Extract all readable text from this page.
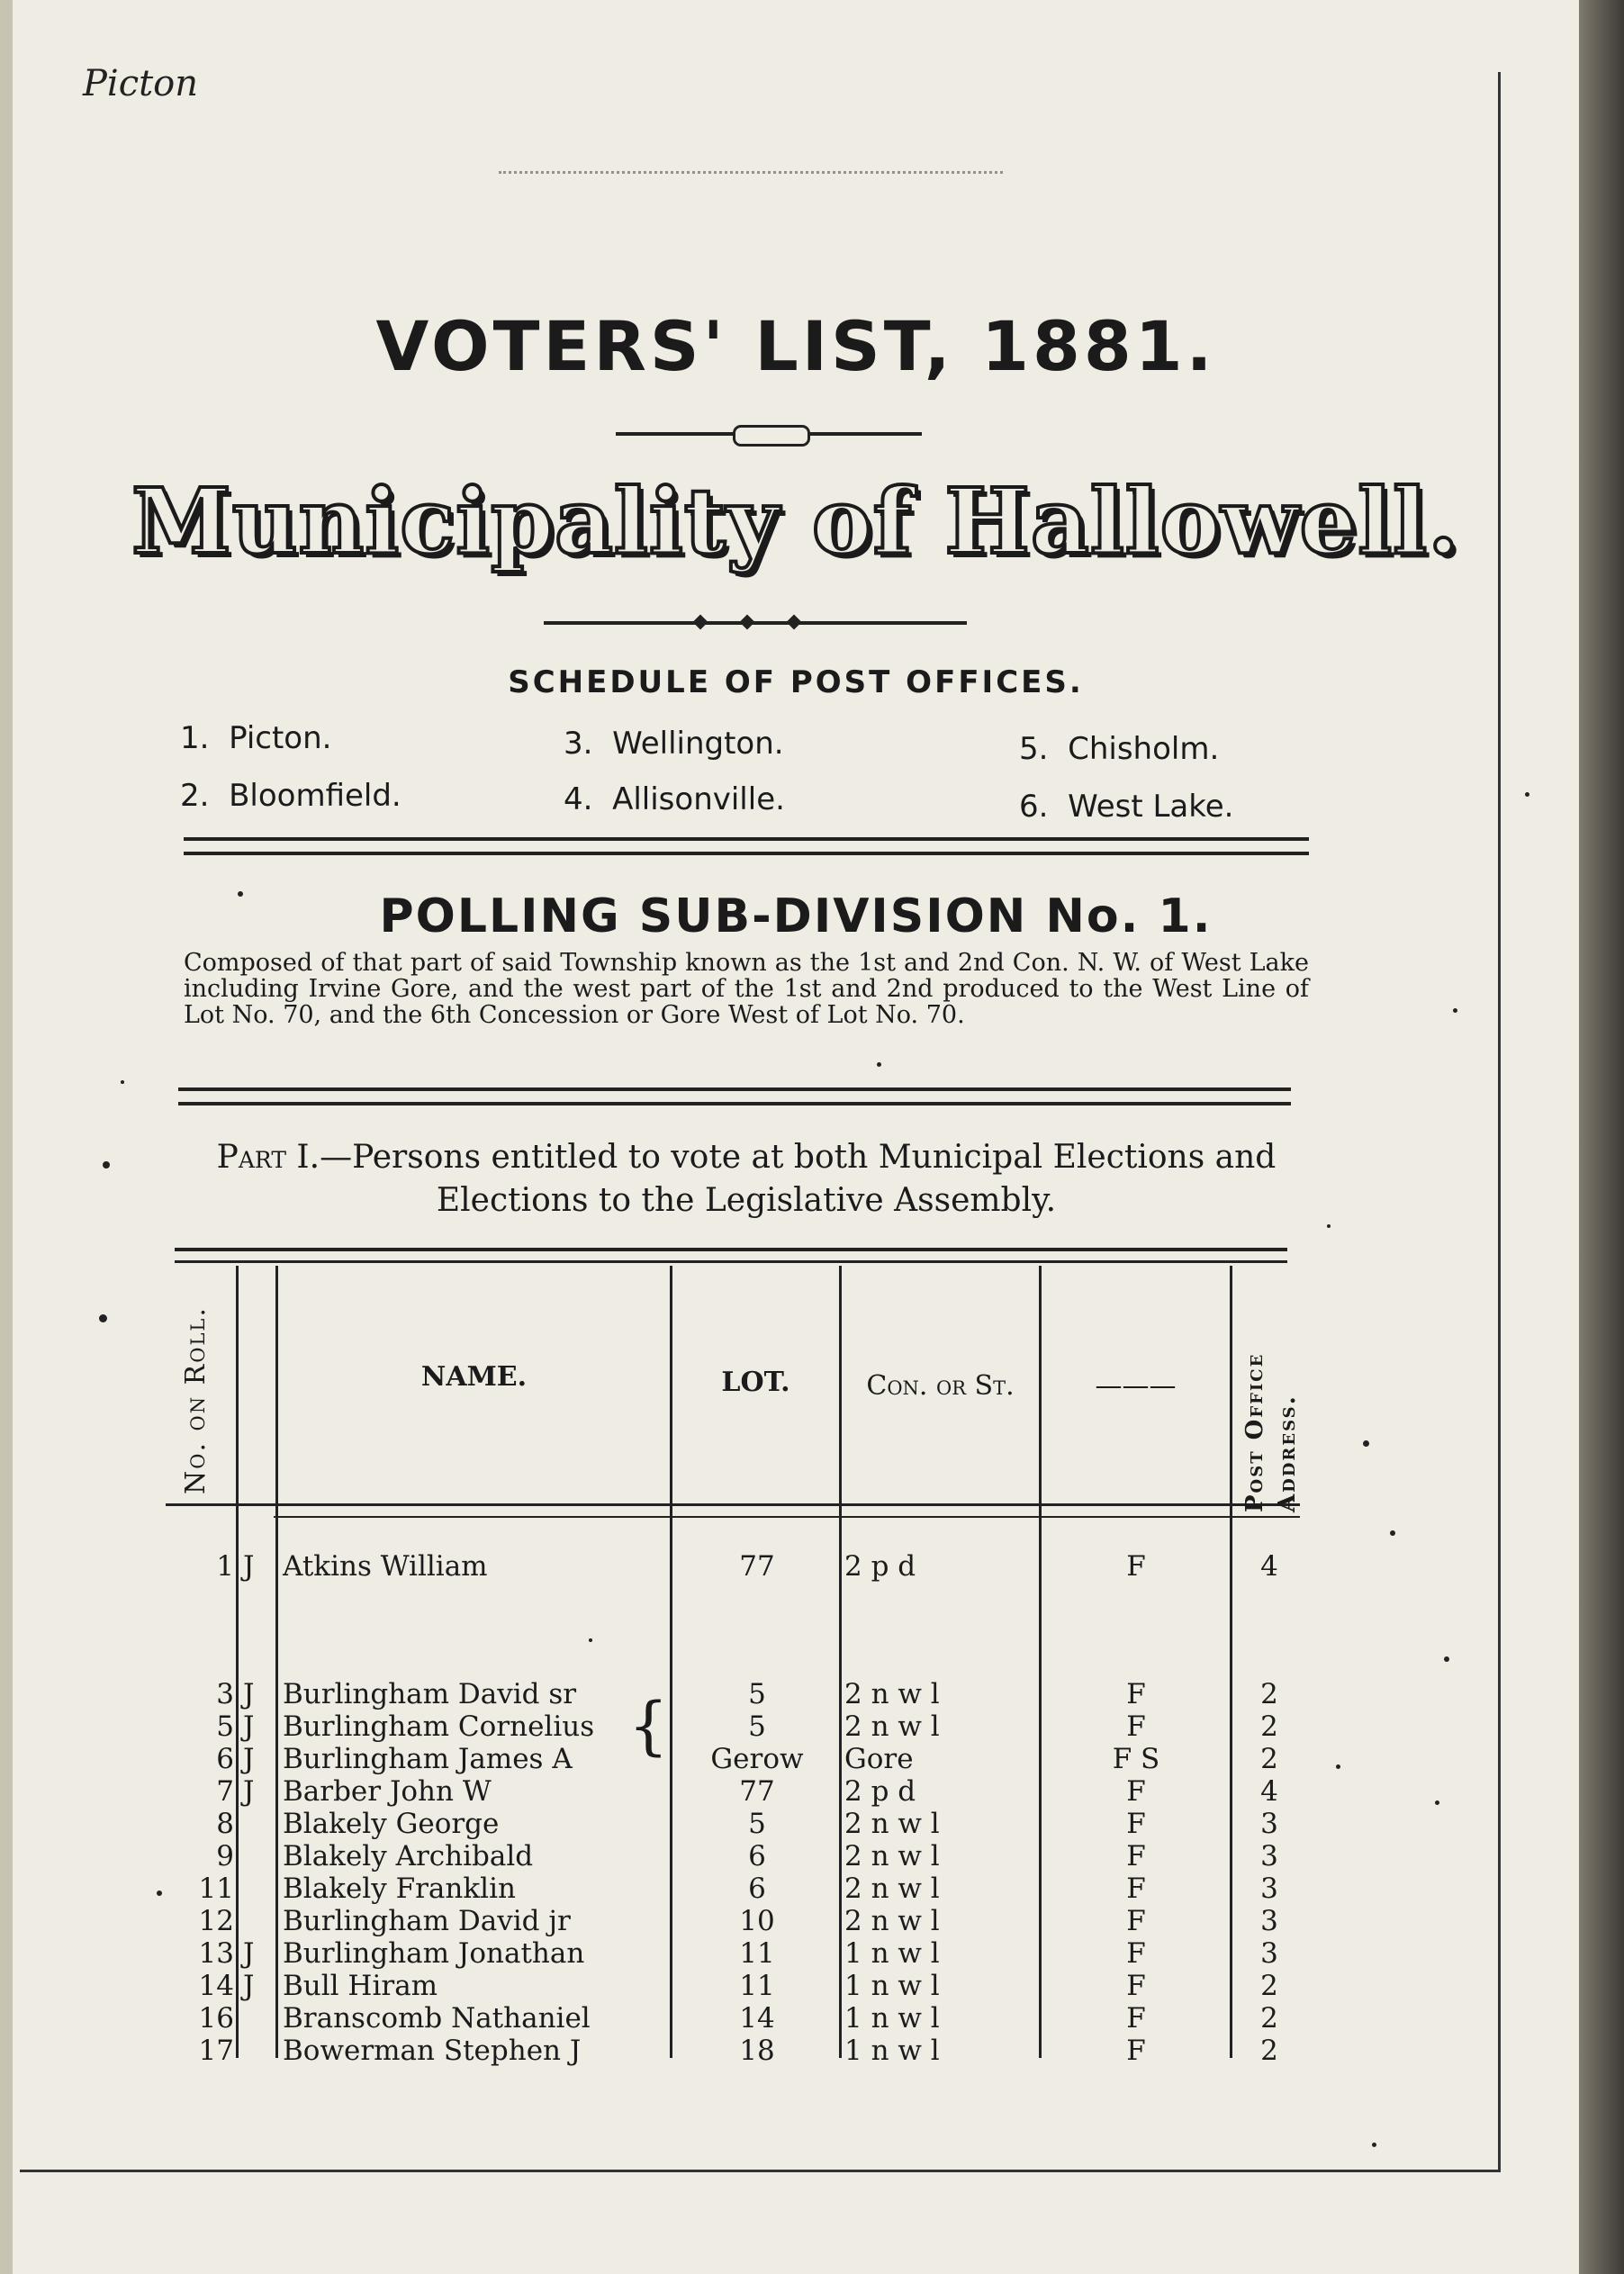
Picton
VOTERS' LIST, 1881.
Municipality of Hallowell.
SCHEDULE OF POST OFFICES.
1. Picton.
2. Bloomfield.
3. Wellington.
4. Allisonville.
5. Chisholm.
6. West Lake.
POLLING SUB-DIVISION No. 1.
Composed of that part of said Township known as the 1st and 2nd Con. N. W. of West Lake including Irvine Gore, and the west part of the 1st and 2nd produced to the West Line of Lot No. 70, and the 6th Concession or Gore West of Lot No. 70.
Part I.—Persons entitled to vote at both Municipal Elections and Elections to the Legislative Assembly.
No. on Roll.	NAME.	LOT.	Con. or St.	———	Post Office Address.
1 J	Atkins William	77	2 p d	F	4
3 J	Burlingham David sr	5	2 n w l	F	2
5 J	Burlingham Cornelius	5	2 n w l	F	2
6 J	Burlingham James A	Gerow	Gore	F S	2
7 J	Barber John W	77	2 p d	F	4
8 Blakely George	5	2 n w l	F	3
9 Blakely Archibald	6	2 n w l	F	3
11 Blakely Franklin	6	2 n w l	F	3
12 Burlingham David jr	10	2 n w l	F	3
13 J	Burlingham Jonathan	11	1 n w l	F	3
14 J	Bull Hiram	11	1 n w l	F	2
16 Branscomb Nathaniel	14	1 n w l	F	2
17 Bowerman Stephen J	18	1 n w l	F	2
{
